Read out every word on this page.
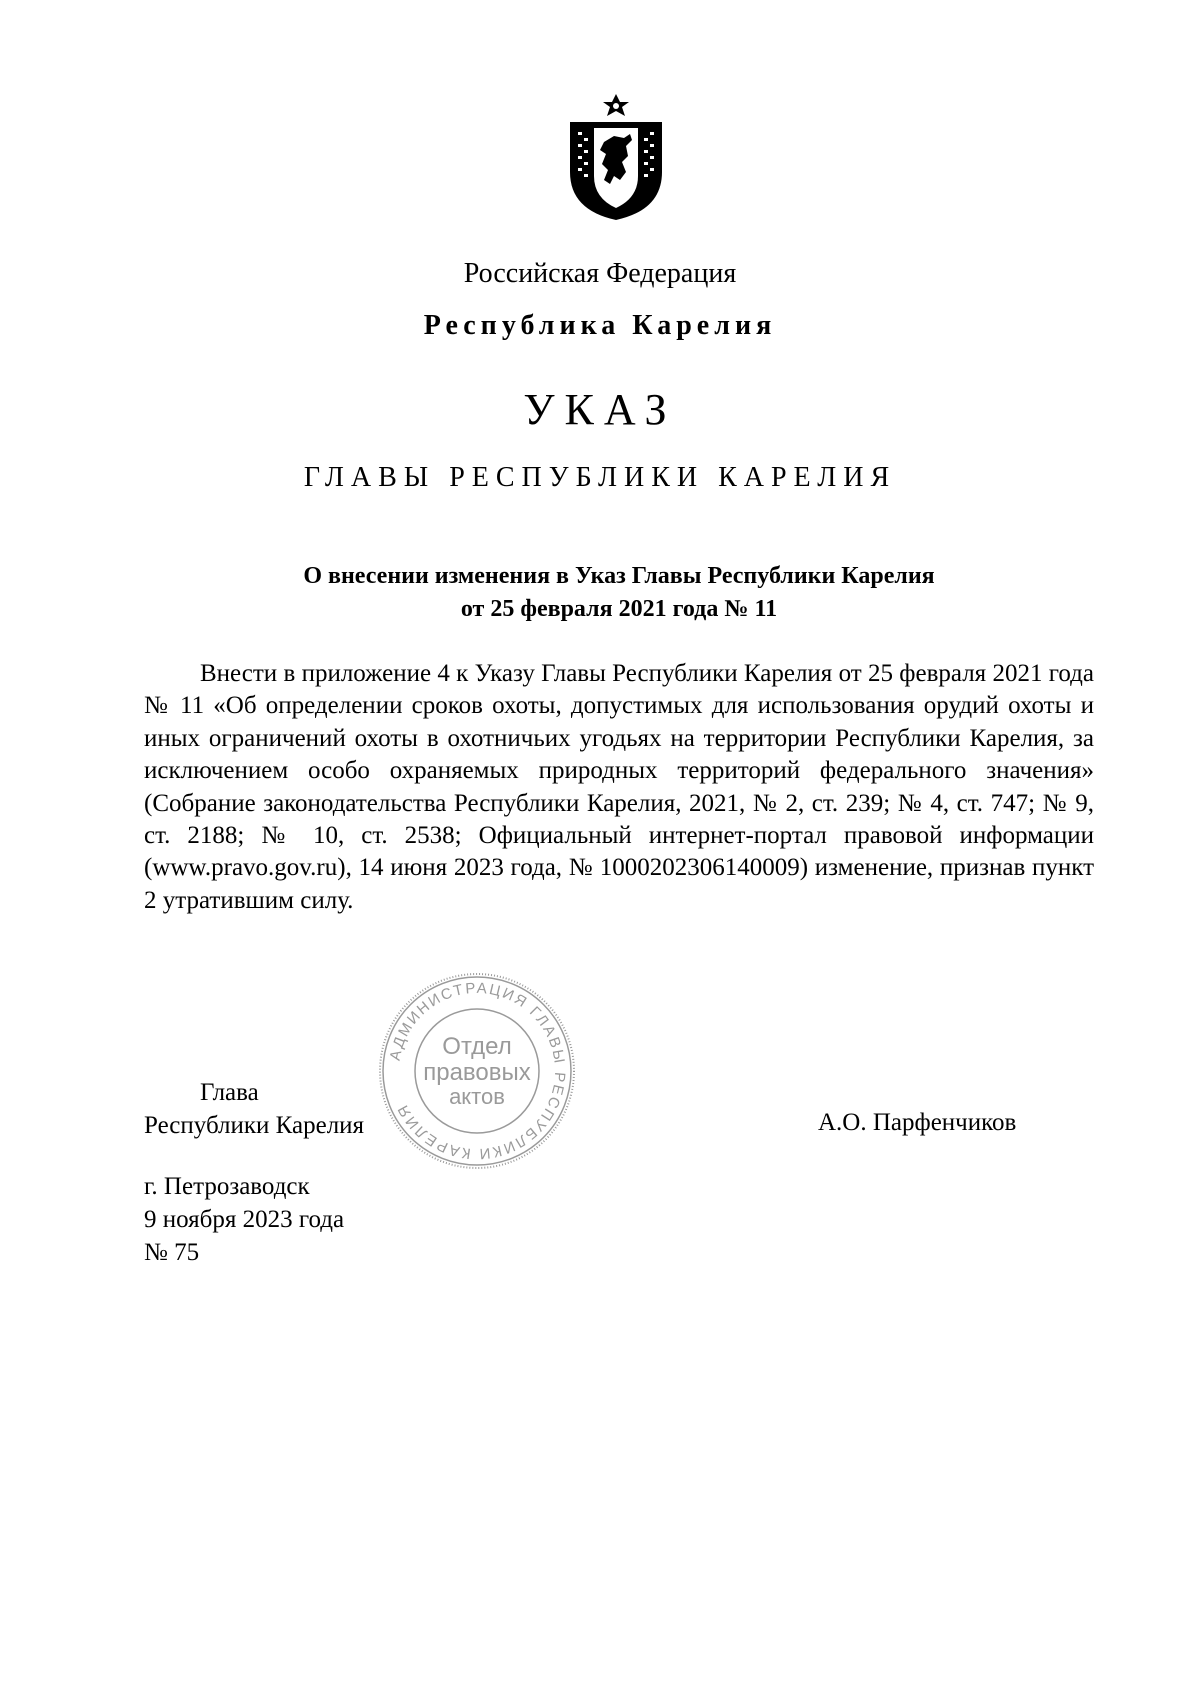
Российская Федерация
Республика Карелия
УКАЗ
ГЛАВЫ РЕСПУБЛИКИ КАРЕЛИЯ
О внесении изменения в Указ Главы Республики Карелия
от 25 февраля 2021 года № 11

Внести в приложение 4 к Указу Главы Республики Карелия от 25 февраля 2021 года № 11 «Об определении сроков охоты, допустимых для использования орудий охоты и иных ограничений охоты в охотничьих угодьях на территории Республики Карелия, за исключением особо охраняемых природных территорий федерального значения» (Собрание законодательства Республики Карелия, 2021, № 2, ст. 239; № 4, ст. 747; № 9, ст. 2188; № 10, ст. 2538; Официальный интернет-портал правовой информации (www.pravo.gov.ru), 14 июня 2023 года, № 1000202306140009) изменение, признав пункт 2 утратившим силу.

Глава
Республики Карелия	А.О. Парфенчиков
г. Петрозаводск
9 ноября 2023 года
№ 75
АДМИНИСТРАЦИЯ ГЛАВЫ РЕСПУБЛИКИ КАРЕЛИЯ
Отдел
правовых
актов
